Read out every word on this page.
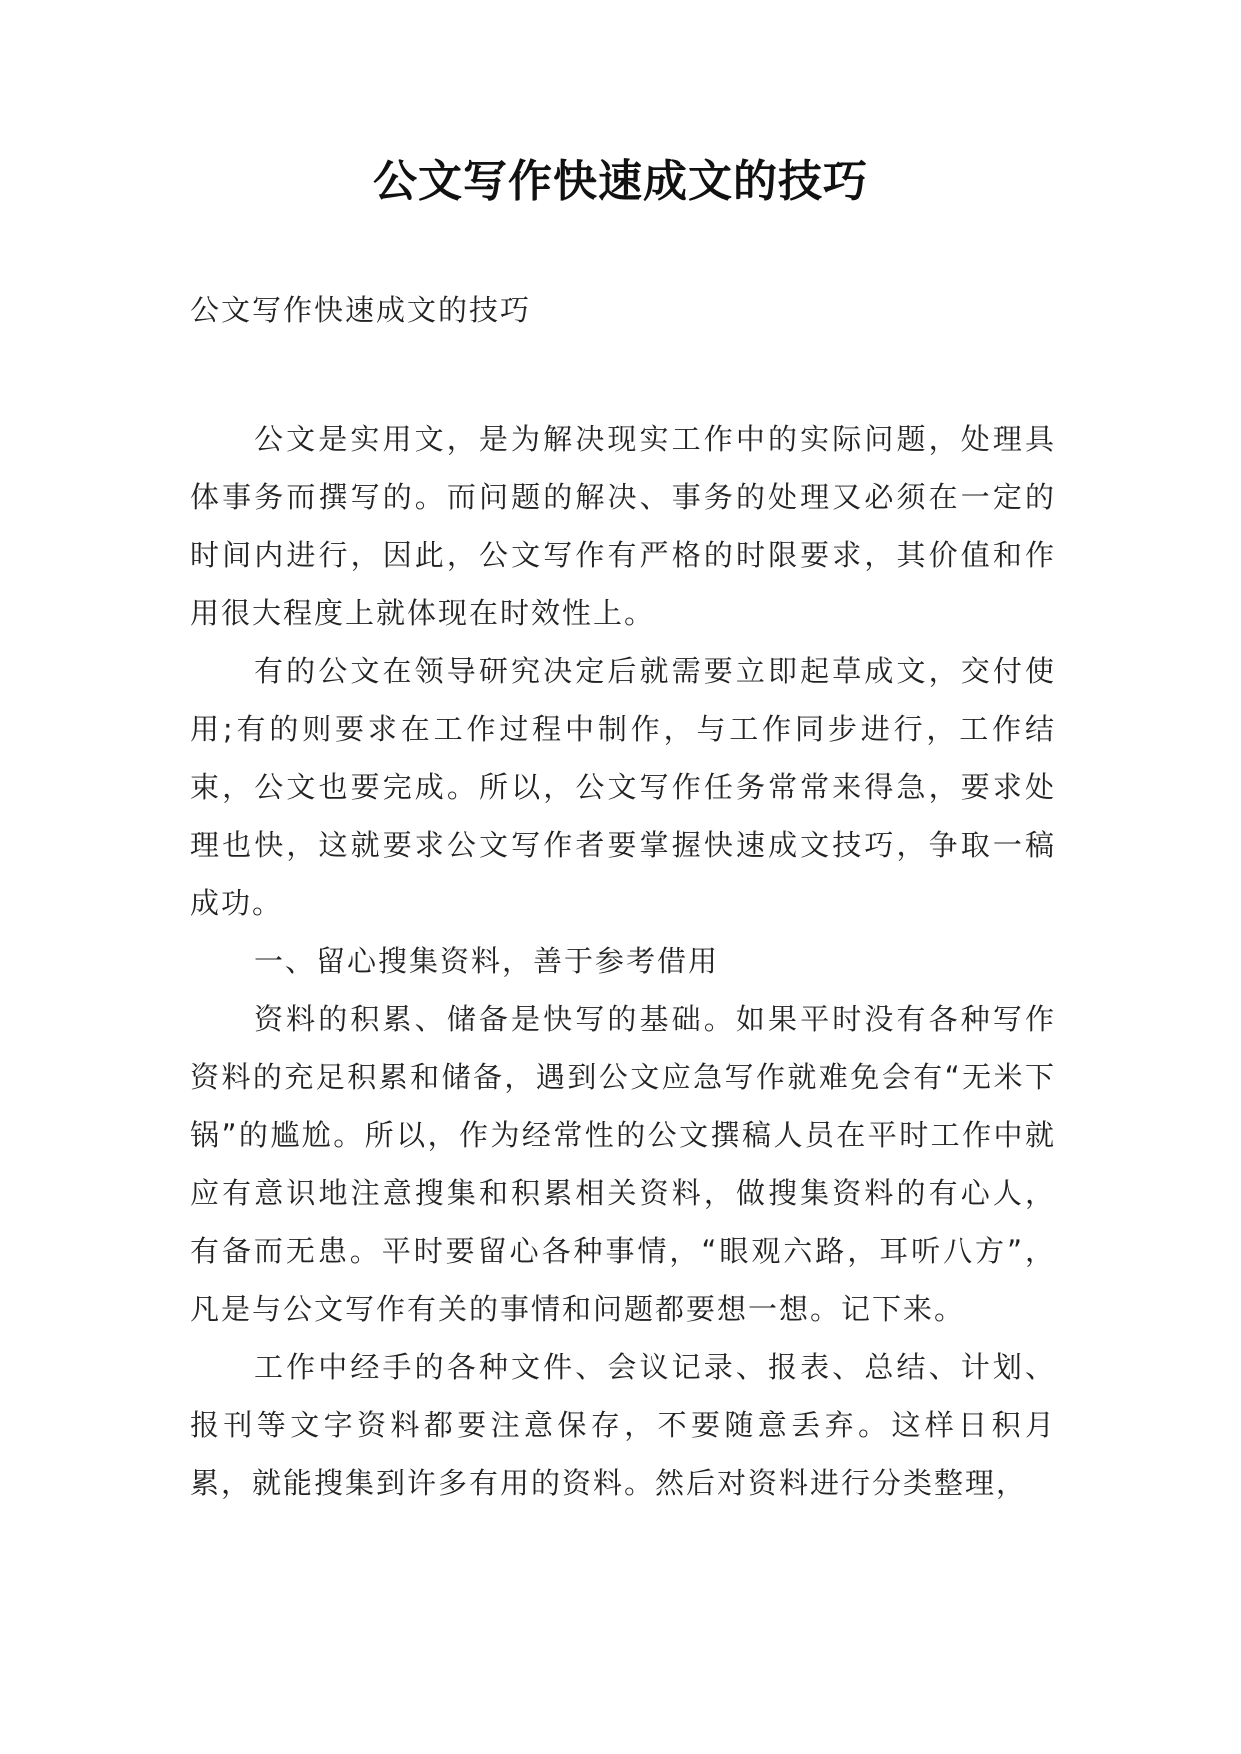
公文写作快速成文的技巧

公文写作快速成文的技巧

公文是实用文，是为解决现实工作中的实际问题，处理具体事务而撰写的。而问题的解决、事务的处理又必须在一定的时间内进行，因此，公文写作有严格的时限要求，其价值和作用很大程度上就体现在时效性上。

有的公文在领导研究决定后就需要立即起草成文，交付使用;有的则要求在工作过程中制作，与工作同步进行，工作结束，公文也要完成。所以，公文写作任务常常来得急，要求处理也快，这就要求公文写作者要掌握快速成文技巧，争取一稿成功。

一、留心搜集资料，善于参考借用

资料的积累、储备是快写的基础。如果平时没有各种写作资料的充足积累和储备，遇到公文应急写作就难免会有“无米下锅”的尴尬。所以，作为经常性的公文撰稿人员在平时工作中就应有意识地注意搜集和积累相关资料，做搜集资料的有心人，有备而无患。平时要留心各种事情，“眼观六路，耳听八方”，凡是与公文写作有关的事情和问题都要想一想。记下来。

工作中经手的各种文件、会议记录、报表、总结、计划、报刊等文字资料都要注意保存，不要随意丢弃。这样日积月累，就能搜集到许多有用的资料。然后对资料进行分类整理，
